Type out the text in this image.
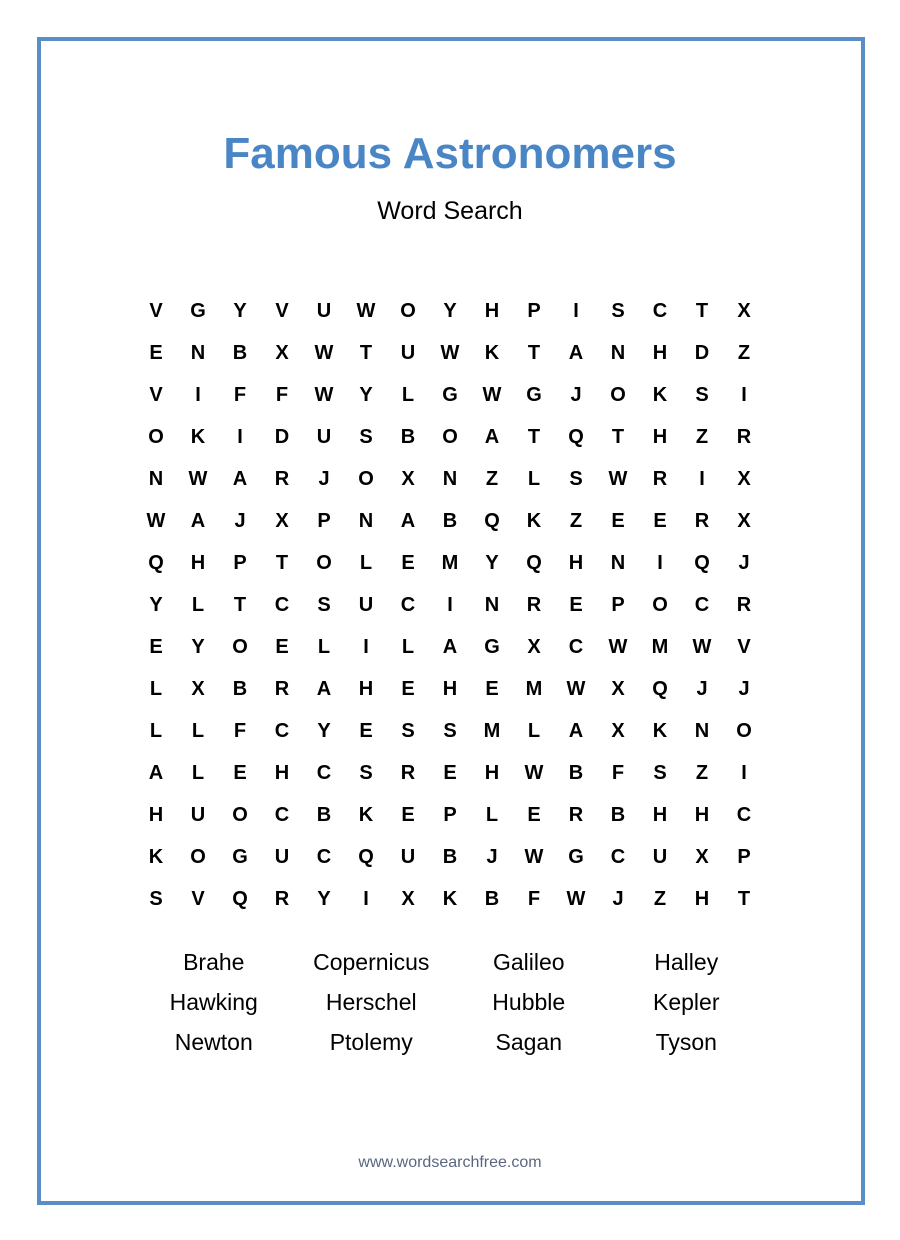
Famous Astronomers
Word Search
V	G	Y	V	U	W	O	Y	H	P	I	S	C	T	X
E	N	B	X	W	T	U	W	K	T	A	N	H	D	Z
V	I	F	F	W	Y	L	G	W	G	J	O	K	S	I
O	K	I	D	U	S	B	O	A	T	Q	T	H	Z	R
N	W	A	R	J	O	X	N	Z	L	S	W	R	I	X
W	A	J	X	P	N	A	B	Q	K	Z	E	E	R	X
Q	H	P	T	O	L	E	M	Y	Q	H	N	I	Q	J
Y	L	T	C	S	U	C	I	N	R	E	P	O	C	R
E	Y	O	E	L	I	L	A	G	X	C	W	M	W	V
L	X	B	R	A	H	E	H	E	M	W	X	Q	J	J
L	L	F	C	Y	E	S	S	M	L	A	X	K	N	O
A	L	E	H	C	S	R	E	H	W	B	F	S	Z	I
H	U	O	C	B	K	E	P	L	E	R	B	H	H	C
K	O	G	U	C	Q	U	B	J	W	G	C	U	X	P
S	V	Q	R	Y	I	X	K	B	F	W	J	Z	H	T
Brahe	Copernicus	Galileo	Halley
Hawking	Herschel	Hubble	Kepler
Newton	Ptolemy	Sagan	Tyson
www.wordsearchfree.com
